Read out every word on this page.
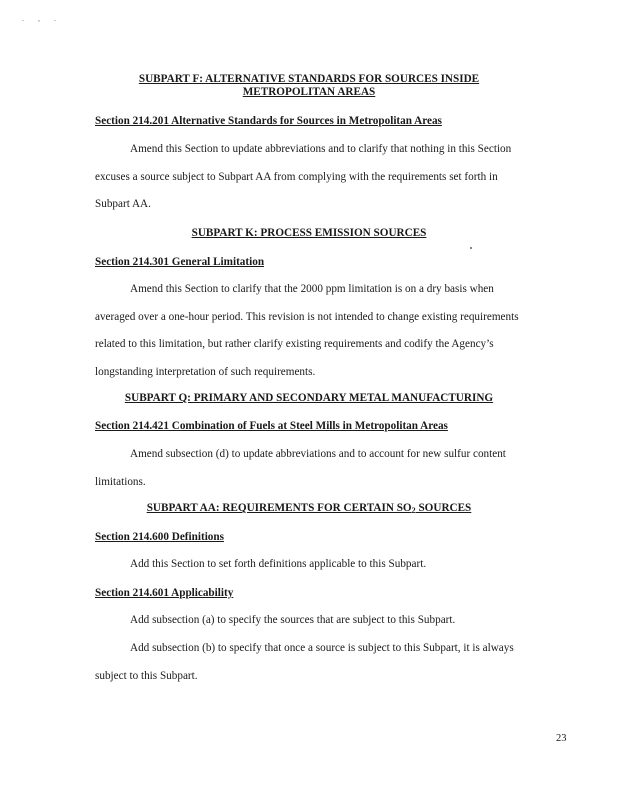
. , .
SUBPART F: ALTERNATIVE STANDARDS FOR SOURCES INSIDE
METROPOLITAN AREAS
Section 214.201 Alternative Standards for Sources in Metropolitan Areas
Amend this Section to update abbreviations and to clarify that nothing in this Section excuses a source subject to Subpart AA from complying with the requirements set forth in Subpart AA.
SUBPART K: PROCESS EMISSION SOURCES
Section 214.301 General Limitation
Amend this Section to clarify that the 2000 ppm limitation is on a dry basis when averaged over a one-hour period. This revision is not intended to change existing requirements related to this limitation, but rather clarify existing requirements and codify the Agency’s longstanding interpretation of such requirements.
SUBPART Q: PRIMARY AND SECONDARY METAL MANUFACTURING
Section 214.421 Combination of Fuels at Steel Mills in Metropolitan Areas
Amend subsection (d) to update abbreviations and to account for new sulfur content limitations.
SUBPART AA: REQUIREMENTS FOR CERTAIN $SO_2$ SOURCES
Section 214.600 Definitions
Add this Section to set forth definitions applicable to this Subpart.
Section 214.601 Applicability
Add subsection (a) to specify the sources that are subject to this Subpart.
Add subsection (b) to specify that once a source is subject to this Subpart, it is always subject to this Subpart.
23
